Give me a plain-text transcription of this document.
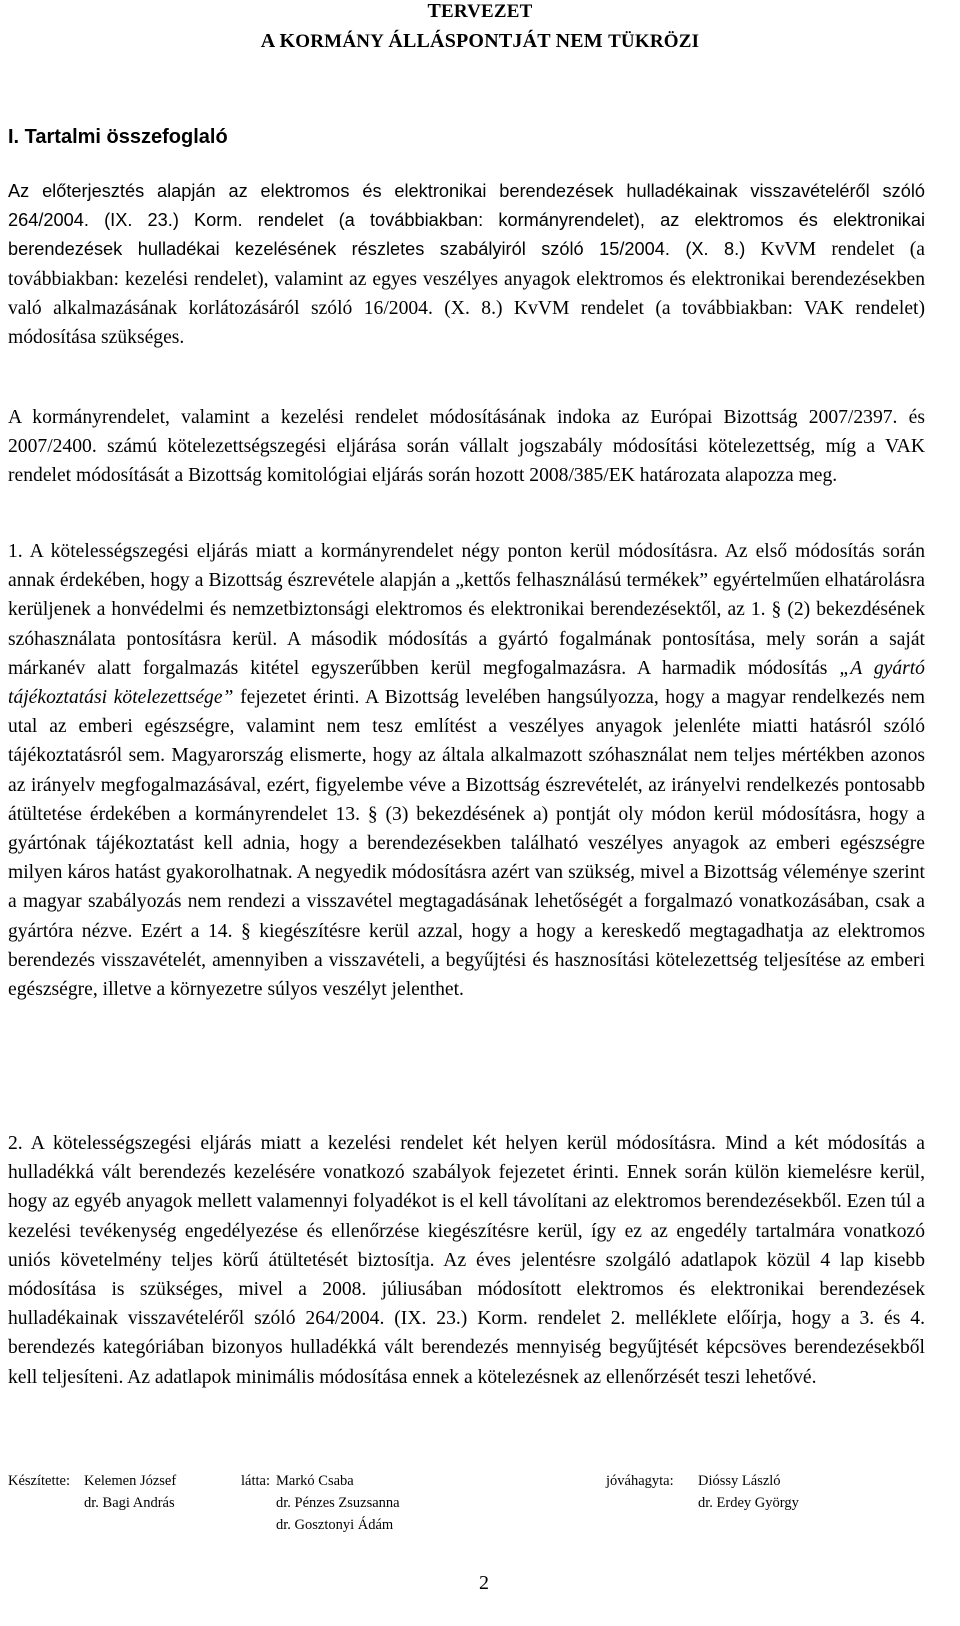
TERVEZET
A KORMÁNY ÁLLÁSPONTJÁT NEM TÜKRÖZI
I. Tartalmi összefoglaló

Az előterjesztés alapján az elektromos és elektronikai berendezések hulladékainak visszavételéről szóló 264/2004. (IX. 23.) Korm. rendelet (a továbbiakban: kormányrendelet), az elektromos és elektronikai berendezések hulladékai kezelésének részletes szabályiról szóló 15/2004. (X. 8.) KvVM rendelet (a továbbiakban: kezelési rendelet), valamint az egyes veszélyes anyagok elektromos és elektronikai berendezésekben való alkalmazásának korlátozásáról szóló 16/2004. (X. 8.) KvVM rendelet (a továbbiakban: VAK rendelet) módosítása szükséges.

A kormányrendelet, valamint a kezelési rendelet módosításának indoka az Európai Bizottság 2007/2397. és 2007/2400. számú kötelezettségszegési eljárása során vállalt jogszabály módosítási kötelezettség, míg a VAK rendelet módosítását a Bizottság komitológiai eljárás során hozott 2008/385/EK határozata alapozza meg.

1. A kötelességszegési eljárás miatt a kormányrendelet négy ponton kerül módosításra. Az első módosítás során annak érdekében, hogy a Bizottság észrevétele alapján a „kettős felhasználású termékek” egyértelműen elhatárolásra kerüljenek a honvédelmi és nemzetbiztonsági elektromos és elektronikai berendezésektől, az 1. § (2) bekezdésének szóhasználata pontosításra kerül. A második módosítás a gyártó fogalmának pontosítása, mely során a saját márkanév alatt forgalmazás kitétel egyszerűbben kerül megfogalmazásra. A harmadik módosítás „A gyártó tájékoztatási kötelezettsége” fejezetet érinti. A Bizottság levelében hangsúlyozza, hogy a magyar rendelkezés nem utal az emberi egészségre, valamint nem tesz említést a veszélyes anyagok jelenléte miatti hatásról szóló tájékoztatásról sem. Magyarország elismerte, hogy az általa alkalmazott szóhasználat nem teljes mértékben azonos az irányelv megfogalmazásával, ezért, figyelembe véve a Bizottság észrevételét, az irányelvi rendelkezés pontosabb átültetése érdekében a kormányrendelet 13. § (3) bekezdésének a) pontját oly módon kerül módosításra, hogy a gyártónak tájékoztatást kell adnia, hogy a berendezésekben található veszélyes anyagok az emberi egészségre milyen káros hatást gyakorolhatnak. A negyedik módosításra azért van szükség, mivel a Bizottság véleménye szerint a magyar szabályozás nem rendezi a visszavétel megtagadásának lehetőségét a forgalmazó vonatkozásában, csak a gyártóra nézve. Ezért a 14. § kiegészítésre kerül azzal, hogy a hogy a kereskedő megtagadhatja az elektromos berendezés visszavételét, amennyiben a visszavételi, a begyűjtési és hasznosítási kötelezettség teljesítése az emberi egészségre, illetve a környezetre súlyos veszélyt jelenthet.

2. A kötelességszegési eljárás miatt a kezelési rendelet két helyen kerül módosításra. Mind a két módosítás a hulladékká vált berendezés kezelésére vonatkozó szabályok fejezetet érinti. Ennek során külön kiemelésre kerül, hogy az egyéb anyagok mellett valamennyi folyadékot is el kell távolítani az elektromos berendezésekből. Ezen túl a kezelési tevékenység engedélyezése és ellenőrzése kiegészítésre kerül, így ez az engedély tartalmára vonatkozó uniós követelmény teljes körű átültetését biztosítja. Az éves jelentésre szolgáló adatlapok közül 4 lap kisebb módosítása is szükséges, mivel a 2008. júliusában módosított elektromos és elektronikai berendezések hulladékainak visszavételéről szóló 264/2004. (IX. 23.) Korm. rendelet 2. melléklete előírja, hogy a 3. és 4. berendezés kategóriában bizonyos hulladékká vált berendezés mennyiség begyűjtését képcsöves berendezésekből kell teljesíteni. Az adatlapok minimális módosítása ennek a kötelezésnek az ellenőrzését teszi lehetővé.

Készítette: Kelemen József
dr. Bagi András
látta: Markó Csaba
dr. Pénzes Zsuzsanna
dr. Gosztonyi Ádám
jóváhagyta: Dióssy László
dr. Erdey György
2
